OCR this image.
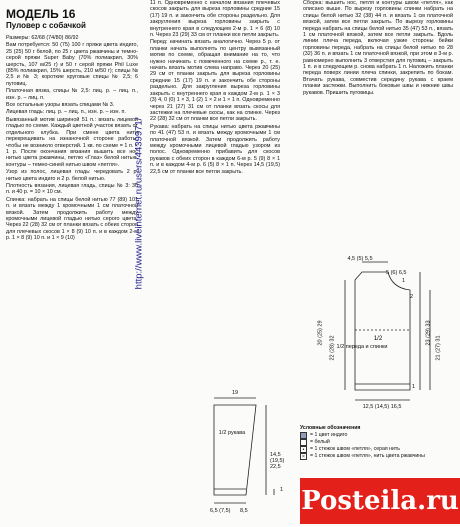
МОДЕЛЬ 16
Пуловер с собачкой

Размеры: 62/68 (74/80) 86/92

Вам потребуется: 50 (75) 100 г пряжи цвета индиго, 25 (25) 50 г белой, по 25 г цвета ржавчины и темно-серой пряжи Super Baby (70% полиакрил, 30% шерсть, 107 м/25 г) и 50 г серой пряжи Phil Luxe (85% полиакрил, 15% шерсть, 210 м/50 г); спицы № 2,5 и № 3; короткие круговые спицы № 2,5; 6 пуговиц.

Платочная вязка, спицы № 2,5: лиц. р. – лиц. п., изн. р. – лиц. п.

Все остальные узоры вязать спицами № 3.

Лицевая гладь: лиц. р. – лиц. п., изн. р. – изн. п.

Вывязанный мотив шириной 51 п.: вязать лицевой гладью по схеме. Каждый цветной участок вязать от отдельного клубка. При смене цвета нити перекрещивать на изнаночной стороне работы, чтобы не возникло отверстий. 1 кв. по схеме = 1 п. × 1 р. После окончания вязания вышить все нос нитью цвета ржавчины, петлю «Глаз» белой нитью, контуры – темно-синей нитью швом «петля».

Узор из полос, лицевая гладь: чередовать 2 р. нитью цвета индиго и 2 р. белой нитью.

Плотность вязания, лицевая гладь, спицы № 3: 30 п. и 40 р. = 10 × 10 см.

Спинка: набрать на спицы белой нитью 77 (89) 101 п. и вязать между 1 кромочными 1 см платочной вязкой. Затем продолжить работу между кромочными лицевой гладью нитью серого цвета. Через 22 (28) 32 см от планки вязать с обеих сторон для плечевых скосов 1 × 8 (9) 10 п. и в каждом 2-м р. 1 × 8 (9) 10 п. и 1 × 9 (10)	http://www.liveinternet.ru/users/4439971/

11 п. Одновременно с началом вязания плечевых скосов закрыть для выреза горловины средние 15 (17) 19 п. и закончить обе стороны раздельно. Для закругления выреза горловины закрыть с внутреннего края в следующем 2-м р. 1 × 6 (8) 10 п. Через 23 (29) 33 см от планки все петли закрыть.

Перед: начинать вязать аналогично. Через 5 р. от планки начать выполнять по центру вывязанный мотив по схеме, обращая внимание на то, что нужно начинать с помеченного на схеме р., т. е. начать вязать мотив слева направо. Через 20 (25) 29 см от планки закрыть для выреза горловины средние 15 (17) 19 п. и закончить обе стороны раздельно. Для закругления выреза горловины закрыть с внутреннего края в каждом 2-м р. 1 × 3 (3) 4, 0 (0) 1 × 3, 1 (2) 1 × 2 и 1 × 1 п. Одновременно через 21 (27) 31 см от планки вязать скосы для застежки на плечевые скосы, как на спинке. Через 22 (28) 32 см от планки все петли закрыть.

Рукава: набрать на спицы нитью цвета ржавчины по 41 (47) 53 п. и вязать между кромочными 1 см платочной вязкой. Затем продолжить работу между кромочными лицевой гладью узором из полос. Одновременно прибавить для скосов рукавов с обеих сторон в каждом 6-м р. 5 (9) 8 × 1 п. и в каждом 4-м р. 6 (5) 8 × 1 п. Через 14,5 (19,5) 22,5 см от планки все петли закрыть.

Сборка: вышить нос, петля и контуры швом «петля», как описано выше. По вырезу горловины спинки набрать на спицы белой нитью 32 (38) 44 п. и вязать 1 см платочной вязкой, затем все петли закрыть. По вырезу горловины переда набрать на спицы белой нитью 35 (47) 53 п., вязать 1 см платочной вязкой, затем все петли закрыть. Вдоль линии плеча переда, включая узкие стороны бейки горловины переда, набрать на спицы белой нитью по 28 (32) 36 п. и вязать 1 см платочной вязкой, при этом в 3-м р. равномерно выполнить 3 отверстия для пуговиц – закрыть 1 п. и в следующем р. снова набрать 1 п. Наложить планки переда поверх линии плеча спинки, закрепить по бокам. Втачать рукава, совместив середину рукава с краем планки застежки. Выполнить боковые швы и нижние швы рукавов. Пришить пуговицы.

1/2
1/2 переда и спинки
4,5 (5) 5,5
5 (6) 6,5
1
2
20 (25) 29
22 (28) 32
23 (29) 33
21 (27) 31
12,5 (14,5) 16,5
1
1/2 рукава
19
14,5 (19,5) 22,5
1
6,5 (7,5) 8,5
Условные обозначения
= 1 цвет индиго
= белый
•	= 1 стежок швом «петля», серая нить
× = 1 стежок швом «петля», нить цвета ржавчины
Posteila.ru
